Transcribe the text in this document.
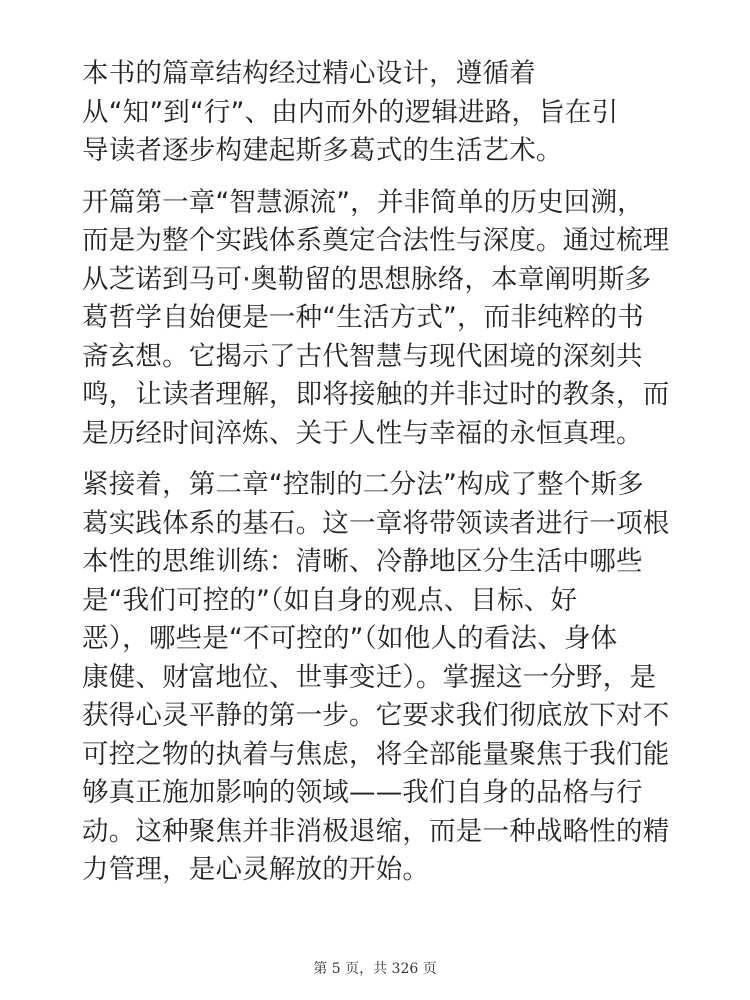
本书的篇章结构经过精心设计，遵循着
从“知”到“行”、由内而外的逻辑进路，旨在引
导读者逐步构建起斯多葛式的生活艺术。

开篇第一章“智慧源流”，并非简单的历史回溯，
而是为整个实践体系奠定合法性与深度。通过梳理
从芝诺到马可·奥勒留的思想脉络，本章阐明斯多
葛哲学自始便是一种“生活方式”，而非纯粹的书
斋玄想。它揭示了古代智慧与现代困境的深刻共
鸣，让读者理解，即将接触的并非过时的教条，而
是历经时间淬炼、关于人性与幸福的永恒真理。

紧接着，第二章“控制的二分法”构成了整个斯多
葛实践体系的基石。这一章将带领读者进行一项根
本性的思维训练：清晰、冷静地区分生活中哪些
是“我们可控的”（如自身的观点、目标、好
恶），哪些是“不可控的”（如他人的看法、身体
康健、财富地位、世事变迁）。掌握这一分野，是
获得心灵平静的第一步。它要求我们彻底放下对不
可控之物的执着与焦虑，将全部能量聚焦于我们能
够真正施加影响的领域——我们自身的品格与行
动。这种聚焦并非消极退缩，而是一种战略性的精
力管理，是心灵解放的开始。

第 5 页，共 326 页
